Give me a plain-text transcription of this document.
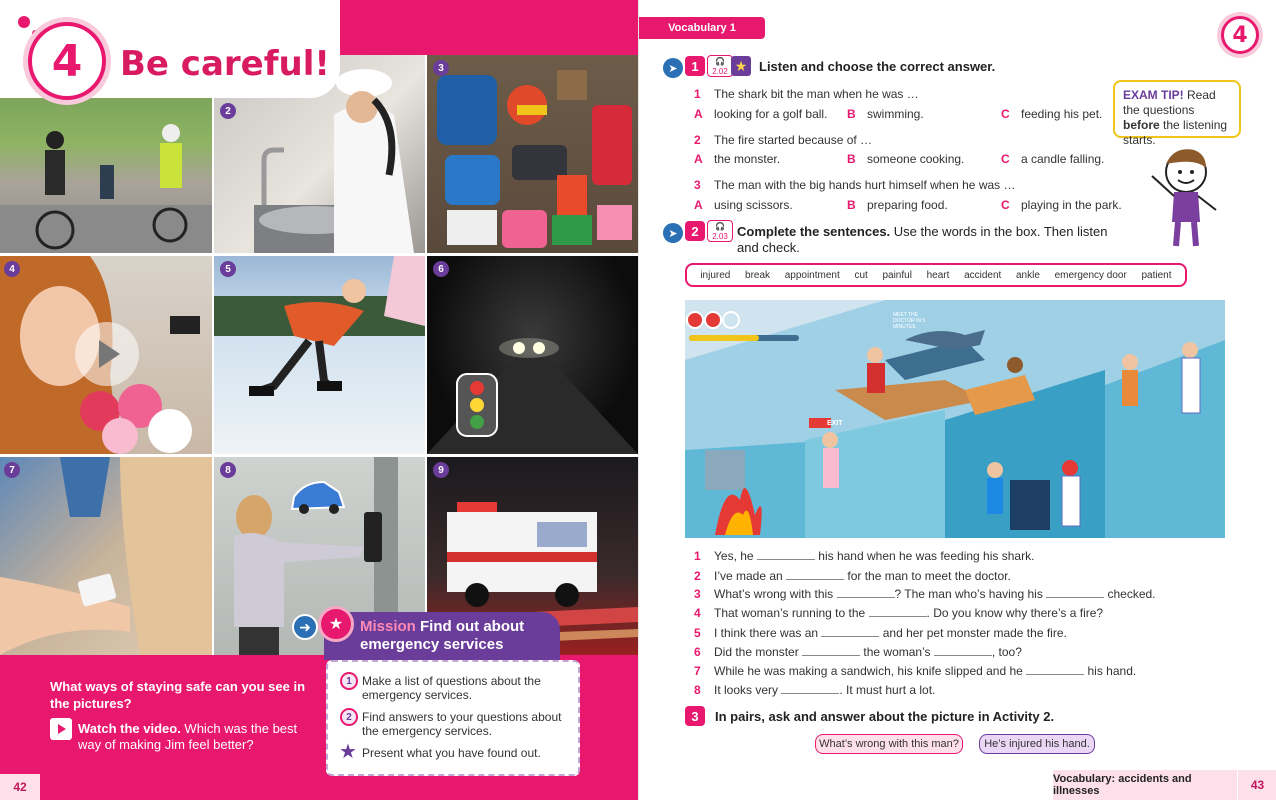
2
3
4	5	6
7	8	9
4 Be careful!
What ways of staying safe can you see in the pictures?
Watch the video. Which was the best way of making Jim feel better?
42
Mission Find out about emergency services
➜	★
1 Make a list of questions about the emergency services.
2 Find answers to your questions about the emergency services.
★ Present what you have found out.
Vocabulary 1	4
➤	1	🎧
2.02 ★ Listen and choose the correct answer.
1 The shark bit the man when he was …
A looking for a golf ball. B swimming.	C feeding his pet.
2 The fire started because of …
A the monster.	B someone cooking.	C a candle falling.
3 The man with the big hands hurt himself when he was …
A using scissors.	B preparing food.	C playing in the park.
EXAM TIP! Read the questions before the listening starts.
➤	2	🎧
2.03 Complete the sentences. Use the words in the box. Then listen and check.
injured break appointment cut painful heart accident ankle emergency door patient
EXIT
MEET THE DOCTOR IN 5 MINUTES
1 Yes, he	his hand when he was feeding his shark.
2 I’ve made an	for the man to meet the doctor.
3 What’s wrong with this	? The man who’s having his	checked.
4 That woman’s running to the	. Do you know why there’s a fire?
5 I think there was an	and her pet monster made the fire.
6 Did the monster	the woman’s	, too?
7 While he was making a sandwich, his knife slipped and he	his hand.
8 It looks very	. It must hurt a lot.
3	In pairs, ask and answer about the picture in Activity 2.
What’s wrong with this man?	He’s injured his hand.
Vocabulary: accidents and illnesses	43
